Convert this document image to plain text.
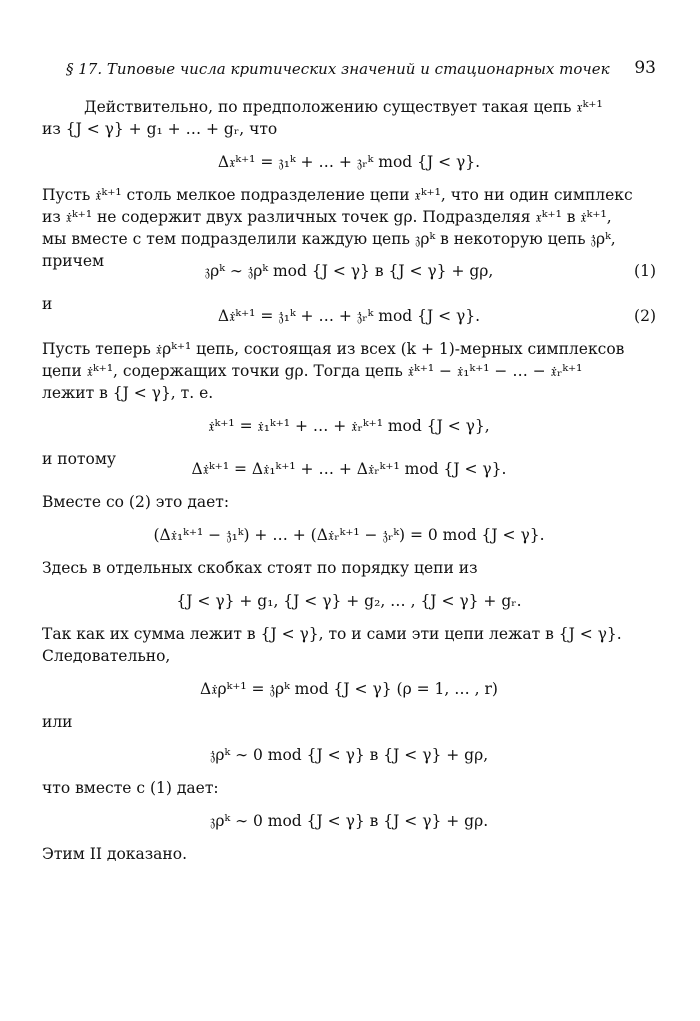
§ 17. Типовые числа критических значений и стационарных точек 93

Действительно, по предположению существует такая цепь 𝔵ᵏ⁺¹

из {J < γ} + g₁ + … + gᵣ, что

Δ𝔵ᵏ⁺¹ = 𝔷₁ᵏ + … + 𝔷ᵣᵏ mod {J < γ}.

Пусть 𝔵̇ᵏ⁺¹ столь мелкое подразделение цепи 𝔵ᵏ⁺¹, что ни один симплекс

из 𝔵̇ᵏ⁺¹ не содержит двух различных точек gρ. Подразделяя 𝔵ᵏ⁺¹ в 𝔵̇ᵏ⁺¹,

мы вместе с тем подразделили каждую цепь 𝔷ρᵏ в некоторую цепь 𝔷̇ρᵏ,

причем

𝔷ρᵏ ∼ 𝔷̇ρᵏ mod {J < γ} в {J < γ} + gρ,	(1)

и

Δ𝔵̇ᵏ⁺¹ = 𝔷̇₁ᵏ + … + 𝔷̇ᵣᵏ mod {J < γ}.	(2)

Пусть теперь 𝔵̇ρᵏ⁺¹ цепь, состоящая из всех (k + 1)-мерных симплексов

цепи 𝔵̇ᵏ⁺¹, содержащих точки gρ. Тогда цепь 𝔵̇ᵏ⁺¹ − 𝔵̇₁ᵏ⁺¹ − … − 𝔵̇ᵣᵏ⁺¹

лежит в {J < γ}, т. е.

𝔵̇ᵏ⁺¹ = 𝔵̇₁ᵏ⁺¹ + … + 𝔵̇ᵣᵏ⁺¹ mod {J < γ},

и потому

Δ𝔵̇ᵏ⁺¹ = Δ𝔵̇₁ᵏ⁺¹ + … + Δ𝔵̇ᵣᵏ⁺¹ mod {J < γ}.

Вместе со (2) это дает:

(Δ𝔵̇₁ᵏ⁺¹ − 𝔷̇₁ᵏ) + … + (Δ𝔵̇ᵣᵏ⁺¹ − 𝔷̇ᵣᵏ) = 0 mod {J < γ}.

Здесь в отдельных скобках стоят по порядку цепи из

{J < γ} + g₁, {J < γ} + g₂, … , {J < γ} + gᵣ.

Так как их сумма лежит в {J < γ}, то и сами эти цепи лежат в {J < γ}.

Следовательно,

Δ𝔵̇ρᵏ⁺¹ = 𝔷̇ρᵏ mod {J < γ} (ρ = 1, … , r)

или

𝔷̇ρᵏ ∼ 0 mod {J < γ} в {J < γ} + gρ,

что вместе с (1) дает:

𝔷ρᵏ ∼ 0 mod {J < γ} в {J < γ} + gρ.

Этим II доказано.
